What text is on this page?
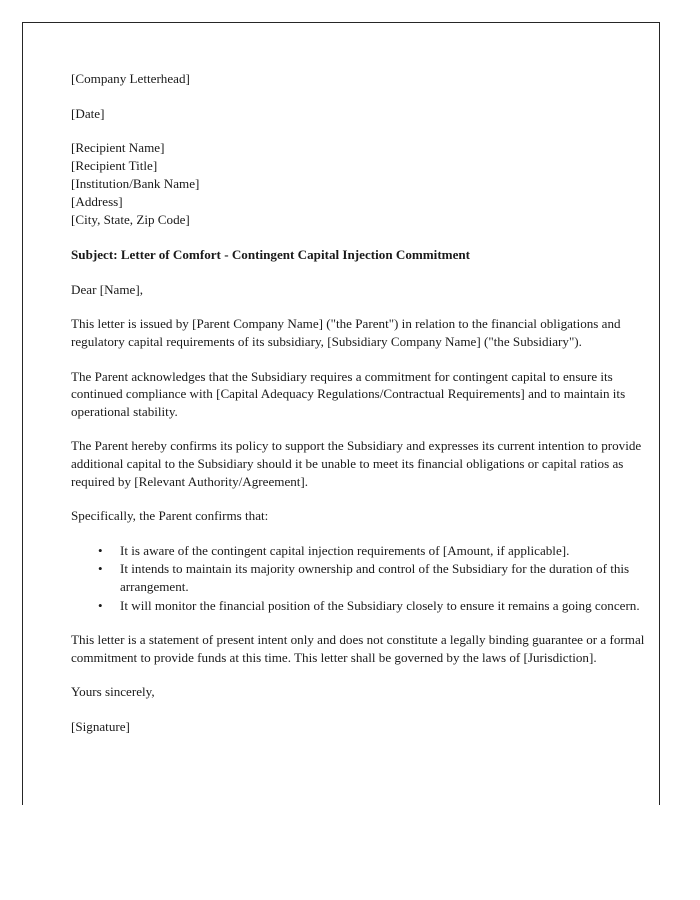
[Company Letterhead]

[Date]

[Recipient Name]
[Recipient Title]
[Institution/Bank Name]
[Address]
[City, State, Zip Code]

Subject: Letter of Comfort - Contingent Capital Injection Commitment

Dear [Name],

This letter is issued by [Parent Company Name] ("the Parent") in relation to the financial obligations and regulatory capital requirements of its subsidiary, [Subsidiary Company Name] ("the Subsidiary").

The Parent acknowledges that the Subsidiary requires a commitment for contingent capital to ensure its continued compliance with [Capital Adequacy Regulations/Contractual Requirements] and to maintain its operational stability.

The Parent hereby confirms its policy to support the Subsidiary and expresses its current intention to provide additional capital to the Subsidiary should it be unable to meet its financial obligations or capital ratios as required by [Relevant Authority/Agreement].

Specifically, the Parent confirms that:

• It is aware of the contingent capital injection requirements of [Amount, if applicable].
• It intends to maintain its majority ownership and control of the Subsidiary for the duration of this arrangement.
• It will monitor the financial position of the Subsidiary closely to ensure it remains a going concern.

This letter is a statement of present intent only and does not constitute a legally binding guarantee or a formal commitment to provide funds at this time. This letter shall be governed by the laws of [Jurisdiction].

Yours sincerely,

[Signature]
